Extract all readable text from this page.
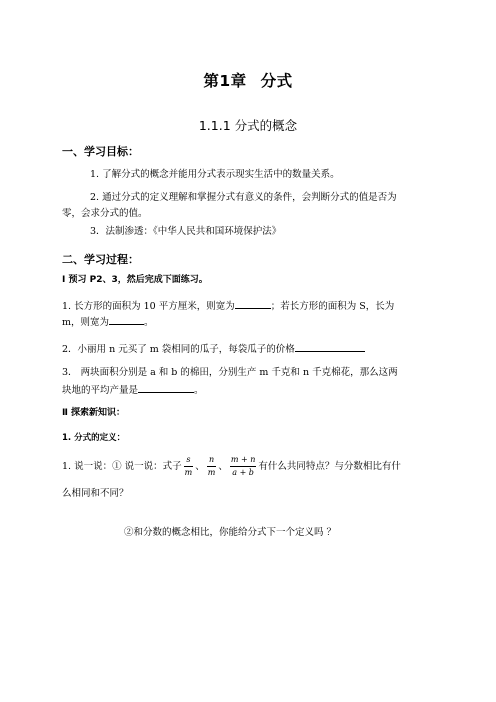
第1章 分式
1.1.1 分式的概念
一、学习目标：
1. 了解分式的概念并能用分式表示现实生活中的数量关系。
2. 通过分式的定义理解和掌握分式有意义的条件，会判断分式的值是否为
零，会求分式的值。
3．法制渗透：《中华人民共和国环境保护法》
二、学习过程：
Ⅰ 预习 P2、3，然后完成下面练习。
1. 长方形的面积为 10 平方厘米，则宽为	；若长方形的面积为 S，长为
m，则宽为	。
2．小丽用 n 元买了 m 袋相同的瓜子，每袋瓜子的价格
3． 两块面积分别是 a 和 b 的棉田，分别生产 m 千克和 n 千克棉花，那么这两
块地的平均产量是	。
Ⅱ 探索新知识：
1. 分式的定义：
1. 说一说：① 说一说：式子 $\frac{s}{m}$ 、 $\frac{n}{m}$ 、 $\frac{m + n}{a + b}$ 有什么共同特点？与分数相比有什
么相同和不同？
②和分数的概念相比，你能给分式下一个定义吗 ？
